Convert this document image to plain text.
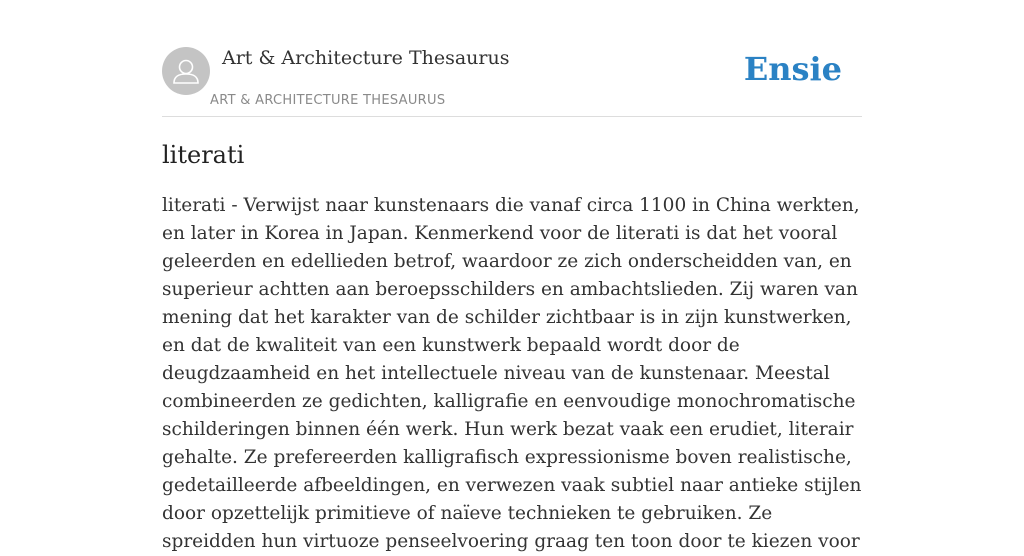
Art & Architecture Thesaurus
ART & ARCHITECTURE THESAURUS
Ensie
literati

literati - Verwijst naar kunstenaars die vanaf circa 1100 in China werkten, en later in Korea in Japan. Kenmerkend voor de literati is dat het vooral geleerden en edellieden betrof, waardoor ze zich onderscheidden van, en superieur achtten aan beroepsschilders en ambachtslieden. Zij waren van mening dat het karakter van de schilder zichtbaar is in zijn kunstwerken, en dat de kwaliteit van een kunstwerk bepaald wordt door de deugdzaamheid en het intellectuele niveau van de kunstenaar. Meestal combineerden ze gedichten, kalligrafie en eenvoudige monochromatische schilderingen binnen één werk. Hun werk bezat vaak een erudiet, literair gehalte. Ze prefereerden kalligrafisch expressionisme boven realistische, gedetailleerde afbeeldingen, en verwezen vaak subtiel naar antieke stijlen door opzettelijk primitieve of naïeve technieken te gebruiken. Ze spreidden hun virtuoze penseelvoering graag ten toon door te kiezen voor
